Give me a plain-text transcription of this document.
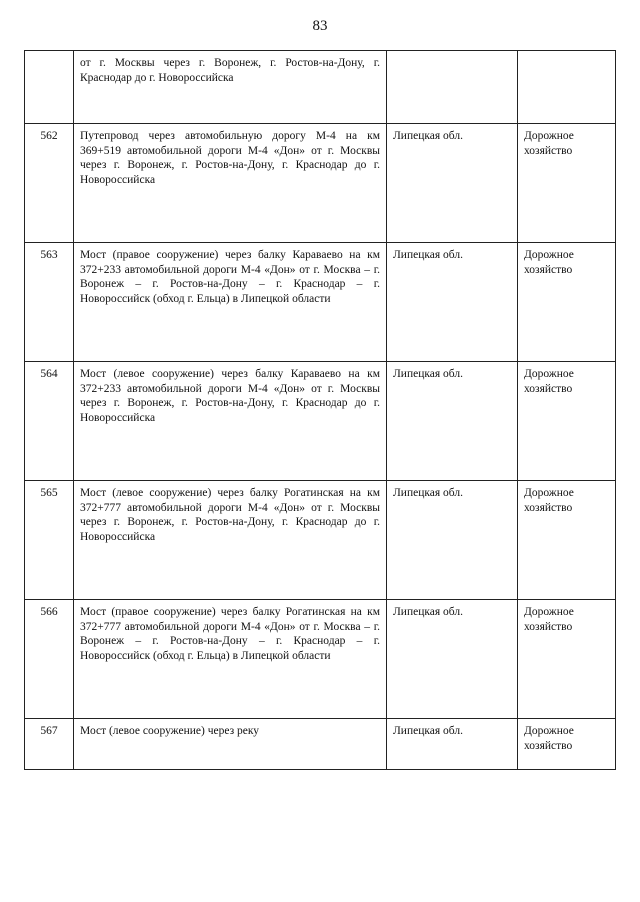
83
	от г. Москвы через г. Воронеж, г. Ростов-на-Дону, г. Краснодар до г. Новороссийска		
562	Путепровод через автомобильную дорогу М-4 на км 369+519 автомобильной дороги М-4 «Дон» от г. Москвы через г. Воронеж, г. Ростов-на-Дону, г. Краснодар до г. Новороссийска	Липецкая обл.	Дорожное хозяйство
563	Мост (правое сооружение) через балку Каравaево на км 372+233 автомобильной дороги М-4 «Дон» от г. Москва – г. Воронеж – г. Ростов-на-Дону – г. Краснодар – г. Новороссийск (обход г. Ельца) в Липецкой области	Липецкая обл.	Дорожное хозяйство
564	Мост (левое сооружение) через балку Каравaево на км 372+233 автомобильной дороги М-4 «Дон» от г. Москвы через г. Воронеж, г. Ростов-на-Дону, г. Краснодар до г. Новороссийска	Липецкая обл.	Дорожное хозяйство
565	Мост (левое сооружение) через балку Рогатинская на км 372+777 автомобильной дороги М-4 «Дон» от г. Москвы через г. Воронеж, г. Ростов-на-Дону, г. Краснодар до г. Новороссийска	Липецкая обл.	Дорожное хозяйство
566	Мост (правое сооружение) через балку Рогатинская на км 372+777 автомобильной дороги М-4 «Дон» от г. Москва – г. Воронеж – г. Ростов-на-Дону – г. Краснодар – г. Новороссийск (обход г. Ельца) в Липецкой области	Липецкая обл.	Дорожное хозяйство
567	Мост (левое сооружение) через реку	Липецкая обл.	Дорожное хозяйство
